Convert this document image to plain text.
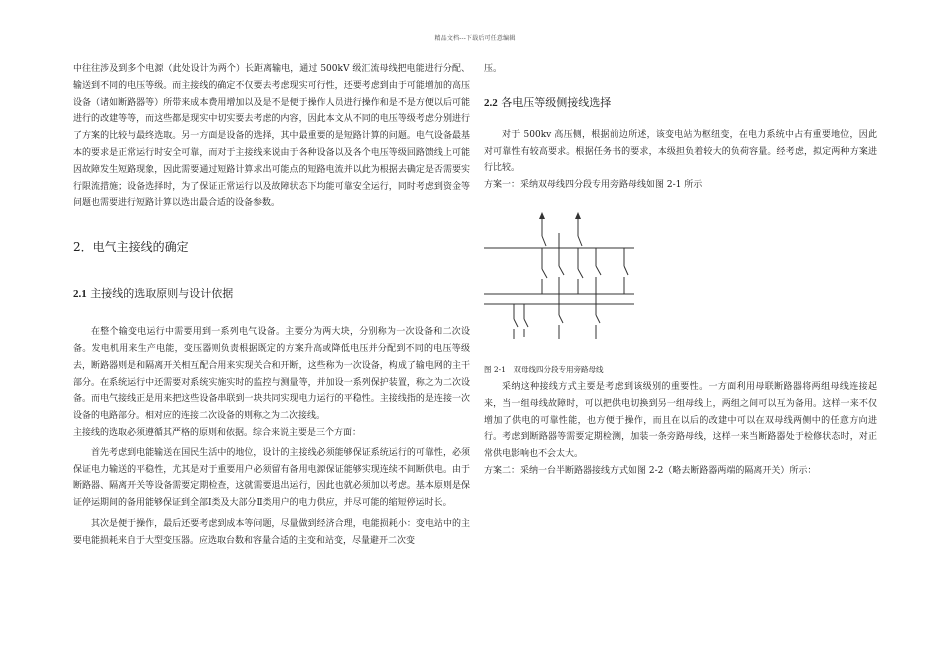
精品文档---下载后可任意编辑

中往往涉及到多个电源（此处设计为两个）长距离输电，通过 500kV 级汇流母线把电能进行分配、输送到不同的电压等级。而主接线的确定不仅要去考虑现实可行性，还要考虑到由于可能增加的高压设备（诸如断路器等）所带来成本费用增加以及是不是便于操作人员进行操作和是不是方便以后可能进行的改建等等，而这些都是现实中切实要去考虑的内容，因此本文从不同的电压等级考虑分别进行了方案的比较与最终选取。另一方面是设备的选择，其中最重要的是短路计算的问题。电气设备最基本的要求是正常运行时安全可靠，而对于主接线来说由于各种设备以及各个电压等级回路馈线上可能因故障发生短路现象，因此需要通过短路计算求出可能点的短路电流并以此为根据去确定是否需要实行限流措施；设备选择时，为了保证正常运行以及故障状态下均能可靠安全运行，同时考虑到资金等问题也需要进行短路计算以选出最合适的设备参数。

2．电气主接线的确定

2.1 主接线的选取原则与设计依据

在整个输变电运行中需要用到一系列电气设备。主要分为两大块，分别称为一次设备和二次设备。发电机用来生产电能，变压器则负责根据既定的方案升高或降低电压并分配到不同的电压等级去，断路器则是和隔离开关相互配合用来实现关合和开断，这些称为一次设备，构成了输电网的主干部分。在系统运行中还需要对系统实施实时的监控与测量等，并加设一系列保护装置，称之为二次设备。而电气接线正是用来把这些设备串联到一块共同实现电力运行的平稳性。主接线指的是连接一次设备的电路部分。相对应的连接二次设备的则称之为二次接线。

主接线的选取必须遵循其严格的原则和依据。综合来说主要是三个方面：

首先考虑到电能输送在国民生活中的地位，设计的主接线必须能够保证系统运行的可靠性，必须保证电力输送的平稳性，尤其是对于重要用户必须留有备用电源保证能够实现连续不间断供电。由于断路器、隔离开关等设备需要定期检查，这就需要退出运行，因此也就必须加以考虑。基本原则是保证停运期间的备用能够保证到全部Ⅰ类及大部分Ⅱ类用户的电力供应，并尽可能的缩短停运时长。

其次是便于操作，最后还要考虑到成本等问题，尽量做到经济合理，电能损耗小：变电站中的主要电能损耗来自于大型变压器。应选取台数和容量合适的主变和站变，尽量避开二次变

压。

2.2 各电压等级侧接线选择

对于 500kv 高压侧，根据前边所述，该变电站为枢纽变，在电力系统中占有重要地位，因此对可靠性有较高要求。根据任务书的要求，本级担负着较大的负荷容量。经考虑，拟定两种方案进行比较。

方案一：采纳双母线四分段专用旁路母线如图 2-1 所示

图 2-1　双母线四分段专用旁路母线

采纳这种接线方式主要是考虑到该级别的重要性。一方面利用母联断路器将两组母线连接起来，当一组母线故障时，可以把供电切换到另一组母线上，两组之间可以互为备用。这样一来不仅增加了供电的可靠性能，也方便于操作，而且在以后的改建中可以在双母线两侧中的任意方向进行。考虑到断路器等需要定期检测，加装一条旁路母线，这样一来当断路器处于检修状态时，对正常供电影响也不会太大。

方案二：采纳一台半断路器接线方式如图 2-2（略去断路器两端的隔离开关）所示：
